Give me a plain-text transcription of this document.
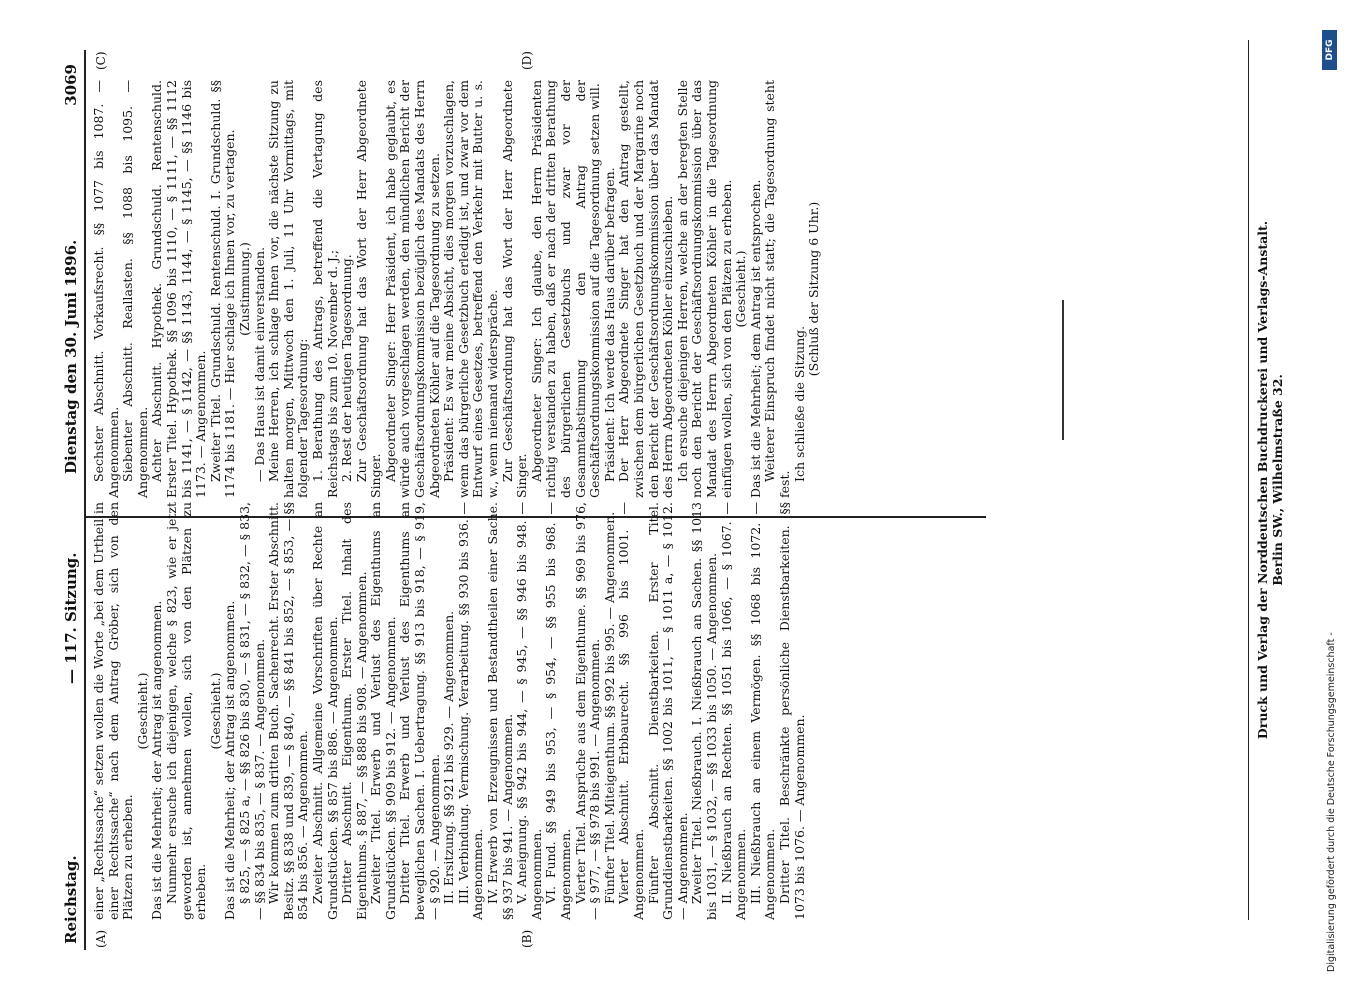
Reichstag.
— 117. Sitzung.
Dienstag den 30. Juni 1896.
3069
(A)	(B)
(C)	(D)

einer „Rechtssache“ setzen wollen die Worte „bei dem Urtheil in einer Rechtssache“ nach dem Antrag Gröber, sich von den Plätzen zu erheben.

(Geschieht.) Das ist die Mehrheit; der Antrag ist angenommen. Nunmehr ersuche ich diejenigen, welche § 823, wie er jetzt geworden ist, annehmen wollen, sich von den Plätzen zu erheben.

(Geschieht.) Das ist die Mehrheit; der Antrag ist angenommen. § 825, — § 825 a, — §§ 826 bis 830, — § 831, — § 832, — § 833, — §§ 834 bis 835, — § 837. — Angenommen. Wir kommen zum dritten Buch. Sachenrecht. Erster Abschnitt. Besitz. §§ 838 und 839, — § 840, — §§ 841 bis 852, — § 853, — §§ 854 bis 856. — Angenommen. Zweiter Abschnitt. Allgemeine Vorschriften über Rechte an Grundstücken. §§ 857 bis 886. — Angenommen. Dritter Abschnitt. Eigenthum. Erster Titel. Inhalt des Eigenthums. § 887, — §§ 888 bis 908. — Angenommen. Zweiter Titel. Erwerb und Verlust des Eigenthums an Grundstücken. §§ 909 bis 912. — Angenommen. Dritter Titel. Erwerb und Verlust des Eigenthums an beweglichen Sachen. I. Uebertragung. §§ 913 bis 918, — § 919, — § 920. — Angenommen. II. Ersitzung. §§ 921 bis 929. — Angenommen. III. Verbindung. Vermischung. Verarbeitung. §§ 930 bis 936. — Angenommen. IV. Erwerb von Erzeugnissen und Bestandtheilen einer Sache. §§ 937 bis 941. — Angenommen. V. Aneignung. §§ 942 bis 944, — § 945, — §§ 946 bis 948. — Angenommen. VI. Fund. §§ 949 bis 953, — § 954, — §§ 955 bis 968. — Angenommen. Vierter Titel. Ansprüche aus dem Eigenthume. §§ 969 bis 976, — § 977, — §§ 978 bis 991. — Angenommen. Fünfter Titel. Miteigenthum. §§ 992 bis 995. — Angenommen. Vierter Abschnitt. Erbbaurecht. §§ 996 bis 1001. — Angenommen. Fünfter Abschnitt. Dienstbarkeiten. Erster Titel. Grunddienstbarkeiten. §§ 1002 bis 1011, — § 1011 a, — § 1012. — Angenommen. Zweiter Titel. Nießbrauch. I. Nießbrauch an Sachen. §§ 1013 bis 1031, — § 1032, — §§ 1033 bis 1050. — Angenommen. II. Nießbrauch an Rechten. §§ 1051 bis 1066, — § 1067. — Angenommen. III. Nießbrauch an einem Vermögen. §§ 1068 bis 1072. — Angenommen. Dritter Titel. Beschränkte persönliche Dienstbarkeiten. §§ 1073 bis 1076. — Angenommen.

Sechster Abschnitt. Vorkaufsrecht. §§ 1077 bis 1087. — Angenommen. Siebenter Abschnitt. Reallasten. §§ 1088 bis 1095. — Angenommen. Achter Abschnitt. Hypothek. Grundschuld. Rentenschuld. Erster Titel. Hypothek. §§ 1096 bis 1110, — § 1111, — §§ 1112 bis 1141, — § 1142, — §§ 1143, 1144, — § 1145, — §§ 1146 bis 1173. — Angenommen. Zweiter Titel. Grundschuld. Rentenschuld. I. Grundschuld. §§ 1174 bis 1181. — Hier schlage ich Ihnen vor, zu vertagen. (Zustimmung.) — Das Haus ist damit einverstanden. Meine Herren, ich schlage Ihnen vor, die nächste Sitzung zu halten morgen, Mittwoch den 1. Juli, 11 Uhr Vormittags, mit folgender Tagesordnung: 1. Berathung des Antrags, betreffend die Vertagung des Reichstags bis zum 10. November d. J.; 2. Rest der heutigen Tagesordnung. Zur Geschäftsordnung hat das Wort der Herr Abgeordnete Singer. Abgeordneter Singer: Herr Präsident, ich habe geglaubt, es würde auch vorgeschlagen werden, den mündlichen Bericht der Geschäftsordnungskommission bezüglich des Mandats des Herrn Abgeordneten Köhler auf die Tagesordnung zu setzen. Präsident: Es war meine Absicht, dies morgen vorzuschlagen, wenn das bürgerliche Gesetzbuch erledigt ist, und zwar vor dem Entwurf eines Gesetzes, betreffend den Verkehr mit Butter u. s. w., wenn niemand widerspräche. Zur Geschäftsordnung hat das Wort der Herr Abgeordnete Singer. Abgeordneter Singer: Ich glaube, den Herrn Präsidenten richtig verstanden zu haben, daß er nach der dritten Berathung des bürgerlichen Gesetzbuchs und zwar vor der Gesammtabstimmung den Antrag der Geschäftsordnungskommission auf die Tagesordnung setzen will. Präsident: Ich werde das Haus darüber befragen. Der Herr Abgeordnete Singer hat den Antrag gestellt, zwischen dem bürgerlichen Gesetzbuch und der Margarine noch den Bericht der Geschäftsordnungskommission über das Mandat des Herrn Abgeordneten Köhler einzuschieben. Ich ersuche diejenigen Herren, welche an der beregten Stelle noch den Bericht der Geschäftsordnungskommission über das Mandat des Herrn Abgeordneten Köhler in die Tagesordnung einfügen wollen, sich von den Plätzen zu erheben. (Geschieht.) Das ist die Mehrheit; dem Antrag ist entsprochen. Weiterer Einspruch findet nicht statt; die Tagesordnung steht fest.

Ich schließe die Sitzung.

(Schluß der Sitzung 6 Uhr.)	Druck und Verlag der Norddeutschen Buchdruckerei und Verlags-Anstalt. Berlin SW., Wilhelmstraße 32.
Digitalisierung gefördert durch die Deutsche Forschungsgemeinschaft -
DFG
